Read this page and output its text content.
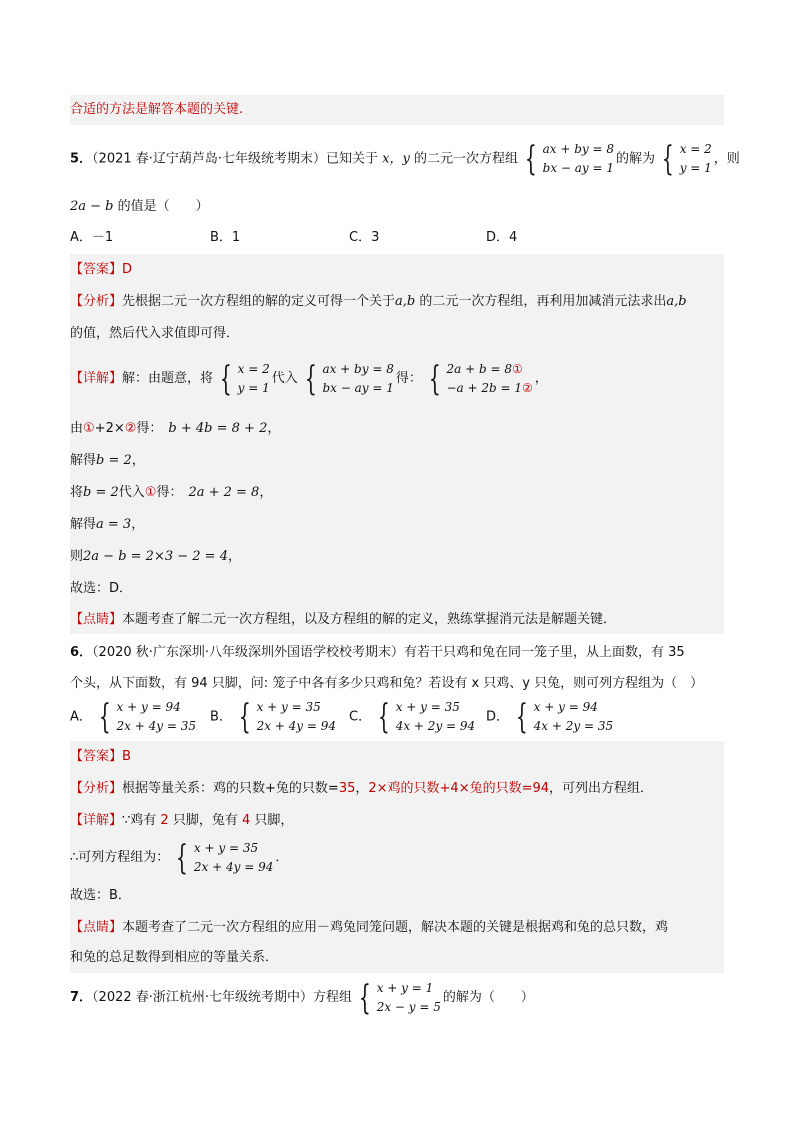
合适的方法是解答本题的关键.
5．（2021 春·辽宁葫芦岛·七年级统考期末）已知关于 x，y 的二元一次方程组 { ax + by = 8
bx − ay = 1
的解为 { x = 2
y = 1
，则
2a − b 的值是（　　）
A．－1	B．1	C．3	D．4
【答案】D
【分析】先根据二元一次方程组的解的定义可得一个关于a,b 的二元一次方程组，再利用加减消元法求出a,b
的值，然后代入求值即可得．
【详解】解：由题意，将 { x = 2
y = 1
代入 { ax + by = 8
bx − ay = 1
得： { 2a + b = 8①
−a + 2b = 1②
，
由①+2×②得： b + 4b = 8 + 2，
解得b = 2，
将b = 2代入①得： 2a + 2 = 8，
解得a = 3，
则2a − b = 2×3 − 2 = 4，
故选：D．
【点睛】本题考查了解二元一次方程组，以及方程组的解的定义，熟练掌握消元法是解题关键．
6．（2020 秋·广东深圳·八年级深圳外国语学校校考期末）有若干只鸡和兔在同一笼子里，从上面数，有 35
个头，从下面数，有 94 只脚，问: 笼子中各有多少只鸡和兔？若设有 x 只鸡、y 只兔，则可列方程组为（　）
A． { x + y = 94
2x + 4y = 35
B． { x + y = 35
2x + 4y = 94
C． { x + y = 35
4x + 2y = 94
D． { x + y = 94
4x + 2y = 35
【答案】B
【分析】根据等量关系：鸡的只数+兔的只数=35，2×鸡的只数+4×兔的只数=94，可列出方程组．
【详解】∵鸡有 2 只脚，兔有 4 只脚，
∴可列方程组为： { x + y = 35
2x + 4y = 94
．
故选：B．
【点睛】本题考查了二元一次方程组的应用－鸡兔同笼问题，解决本题的关键是根据鸡和兔的总只数，鸡
和兔的总足数得到相应的等量关系．
7．（2022 春·浙江杭州·七年级统考期中）方程组 { x + y = 1
2x − y = 5
的解为（　　）
